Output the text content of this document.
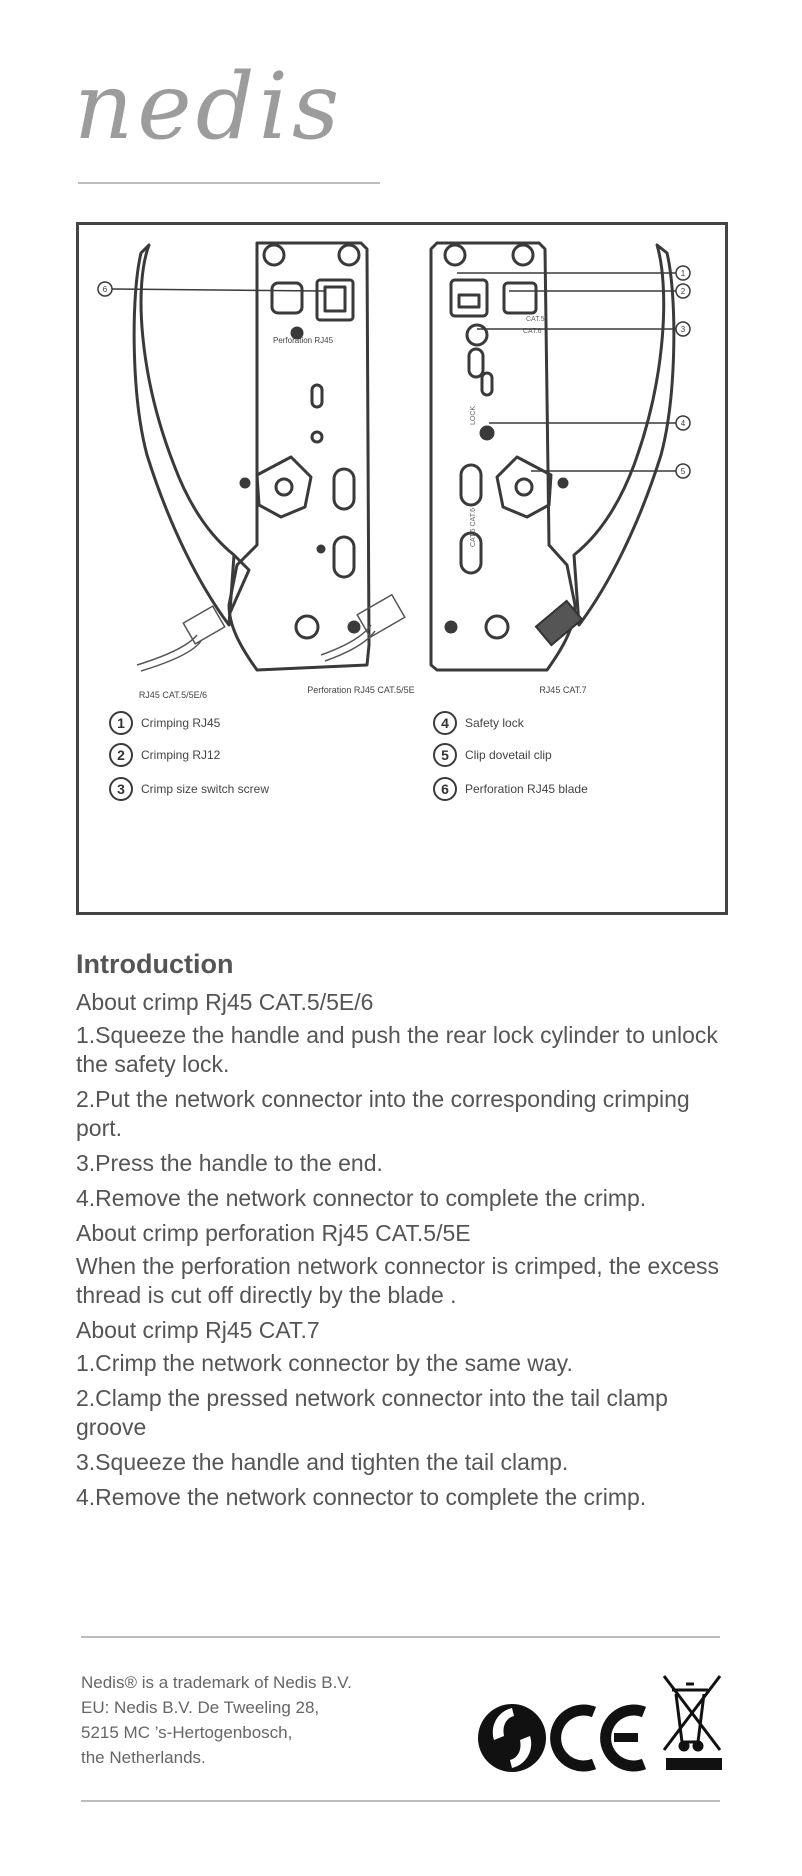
nedis
LOCK
CAT.5 CAT.6
CAT.5
CAT.6
Perforation RJ45
6
1
2
3
4
5
RJ45 CAT.5/5E/6	Perforation RJ45 CAT.5/5E	RJ45 CAT.7
1
2
3
4
5
6
Crimping RJ45
Crimping RJ12
Crimp size switch screw
Safety lock
Clip dovetail clip
Perforation RJ45 blade
Introduction
About crimp Rj45 CAT.5/5E/6

1.Squeeze the handle and push the rear lock cylinder to unlock the safety lock.

2.Put the network connector into the corresponding crimping port.

3.Press the handle to the end.

4.Remove the network connector to complete the crimp.

About crimp perforation Rj45 CAT.5/5E

When the perforation network connector is crimped, the excess thread is cut off directly by the blade .

About crimp Rj45 CAT.7

1.Crimp the network connector by the same way.

2.Clamp the pressed network connector into the tail clamp groove

3.Squeeze the handle and tighten the tail clamp.

4.Remove the network connector to complete the crimp.

Nedis® is a trademark of Nedis B.V.
EU: Nedis B.V. De Tweeling 28,
5215 MC ’s-Hertogenbosch,
the Netherlands.
